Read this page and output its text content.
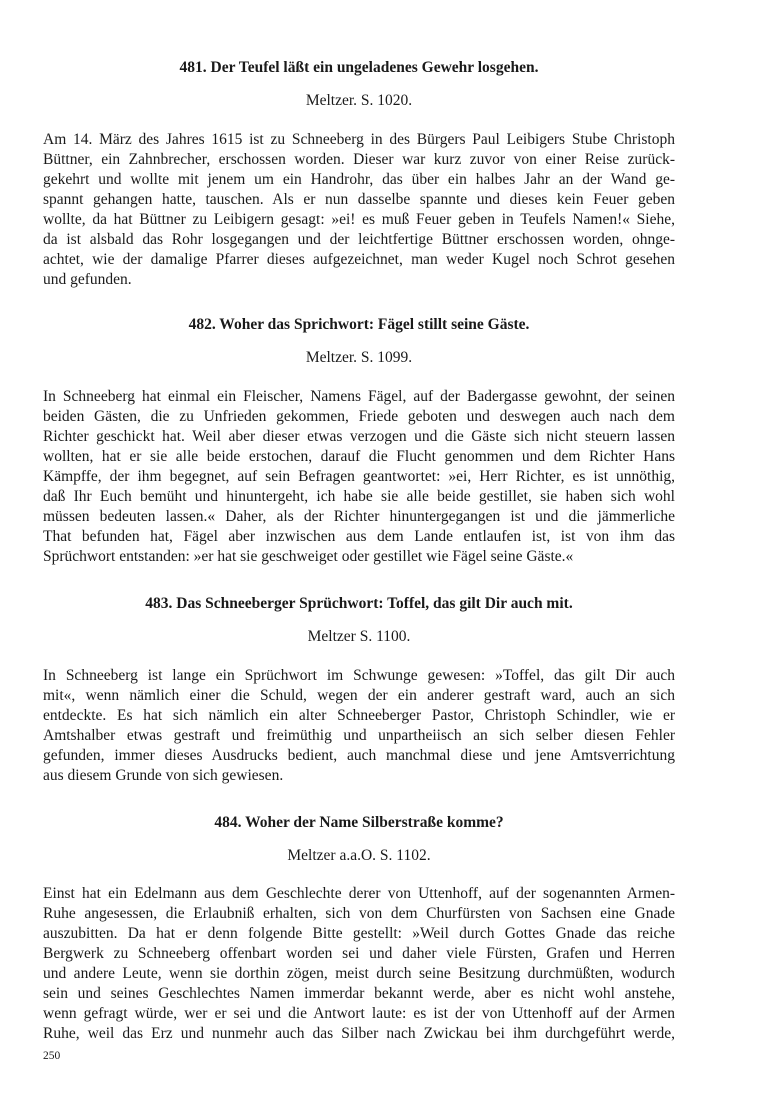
481. Der Teufel läßt ein ungeladenes Gewehr losgehen.

Meltzer. S. 1020.

Am 14. März des Jahres 1615 ist zu Schneeberg in des Bürgers Paul Leibigers Stube Christoph
Büttner, ein Zahnbrecher, erschossen worden. Dieser war kurz zuvor von einer Reise zurück-
gekehrt und wollte mit jenem um ein Handrohr, das über ein halbes Jahr an der Wand ge-
spannt gehangen hatte, tauschen. Als er nun dasselbe spannte und dieses kein Feuer geben
wollte, da hat Büttner zu Leibigern gesagt: »ei! es muß Feuer geben in Teufels Namen!« Siehe,
da ist alsbald das Rohr losgegangen und der leichtfertige Büttner erschossen worden, ohnge-
achtet, wie der damalige Pfarrer dieses aufgezeichnet, man weder Kugel noch Schrot gesehen
und gefunden.
482. Woher das Sprichwort: Fägel stillt seine Gäste.

Meltzer. S. 1099.

In Schneeberg hat einmal ein Fleischer, Namens Fägel, auf der Badergasse gewohnt, der seinen
beiden Gästen, die zu Unfrieden gekommen, Friede geboten und deswegen auch nach dem
Richter geschickt hat. Weil aber dieser etwas verzogen und die Gäste sich nicht steuern lassen
wollten, hat er sie alle beide erstochen, darauf die Flucht genommen und dem Richter Hans
Kämpffe, der ihm begegnet, auf sein Befragen geantwortet: »ei, Herr Richter, es ist unnöthig,
daß Ihr Euch bemüht und hinuntergeht, ich habe sie alle beide gestillet, sie haben sich wohl
müssen bedeuten lassen.« Daher, als der Richter hinuntergegangen ist und die jämmerliche
That befunden hat, Fägel aber inzwischen aus dem Lande entlaufen ist, ist von ihm das
Sprüchwort entstanden: »er hat sie geschweiget oder gestillet wie Fägel seine Gäste.«
483. Das Schneeberger Sprüchwort: Toffel, das gilt Dir auch mit.

Meltzer S. 1100.

In Schneeberg ist lange ein Sprüchwort im Schwunge gewesen: »Toffel, das gilt Dir auch
mit«, wenn nämlich einer die Schuld, wegen der ein anderer gestraft ward, auch an sich
entdeckte. Es hat sich nämlich ein alter Schneeberger Pastor, Christoph Schindler, wie er
Amtshalber etwas gestraft und freimüthig und unpartheiisch an sich selber diesen Fehler
gefunden, immer dieses Ausdrucks bedient, auch manchmal diese und jene Amtsverrichtung
aus diesem Grunde von sich gewiesen.
484. Woher der Name Silberstraße komme?

Meltzer a.a.O. S. 1102.

Einst hat ein Edelmann aus dem Geschlechte derer von Uttenhoff, auf der sogenannten Armen-
Ruhe angesessen, die Erlaubniß erhalten, sich von dem Churfürsten von Sachsen eine Gnade
auszubitten. Da hat er denn folgende Bitte gestellt: »Weil durch Gottes Gnade das reiche
Bergwerk zu Schneeberg offenbart worden sei und daher viele Fürsten, Grafen und Herren
und andere Leute, wenn sie dorthin zögen, meist durch seine Besitzung durchmüßten, wodurch
sein und seines Geschlechtes Namen immerdar bekannt werde, aber es nicht wohl anstehe,
wenn gefragt würde, wer er sei und die Antwort laute: es ist der von Uttenhoff auf der Armen
Ruhe, weil das Erz und nunmehr auch das Silber nach Zwickau bei ihm durchgeführt werde,

250
